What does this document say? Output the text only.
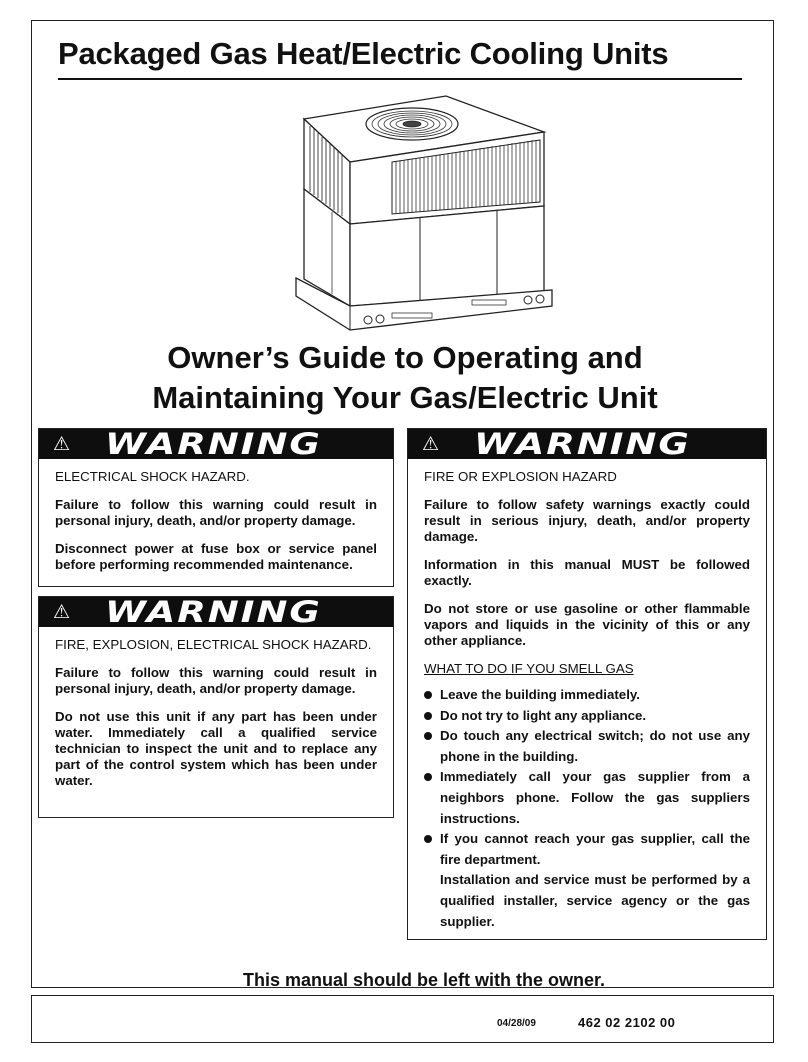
Packaged Gas Heat/Electric Cooling Units
Owner’s Guide to Operating and
Maintaining Your Gas/Electric Unit
⚠ WARNING

ELECTRICAL SHOCK HAZARD.

Failure to follow this warning could result in personal injury, death, and/or property damage.

Disconnect power at fuse box or service panel before performing recommended maintenance.

⚠ WARNING

FIRE, EXPLOSION, ELECTRICAL SHOCK HAZARD.

Failure to follow this warning could result in personal injury, death, and/or property damage.

Do not use this unit if any part has been under water. Immediately call a qualified service technician to inspect the unit and to replace any part of the control system which has been under water.

⚠ WARNING

FIRE OR EXPLOSION HAZARD

Failure to follow safety warnings exactly could result in serious injury, death, and/or property damage.

Information in this manual MUST be followed exactly.

Do not store or use gasoline or other flammable vapors and liquids in the vicinity of this or any other appliance.

WHAT TO DO IF YOU SMELL GAS

Leave the building immediately.
Do not try to light any appliance.
Do touch any electrical switch; do not use any phone in the building.
Immediately call your gas supplier from a neighbors phone. Follow the gas suppliers instructions.
If you cannot reach your gas supplier, call the fire department.
Installation and service must be performed by a qualified installer, service agency or the gas supplier.
This manual should be left with the owner.
04/28/09	462 02 2102 00
